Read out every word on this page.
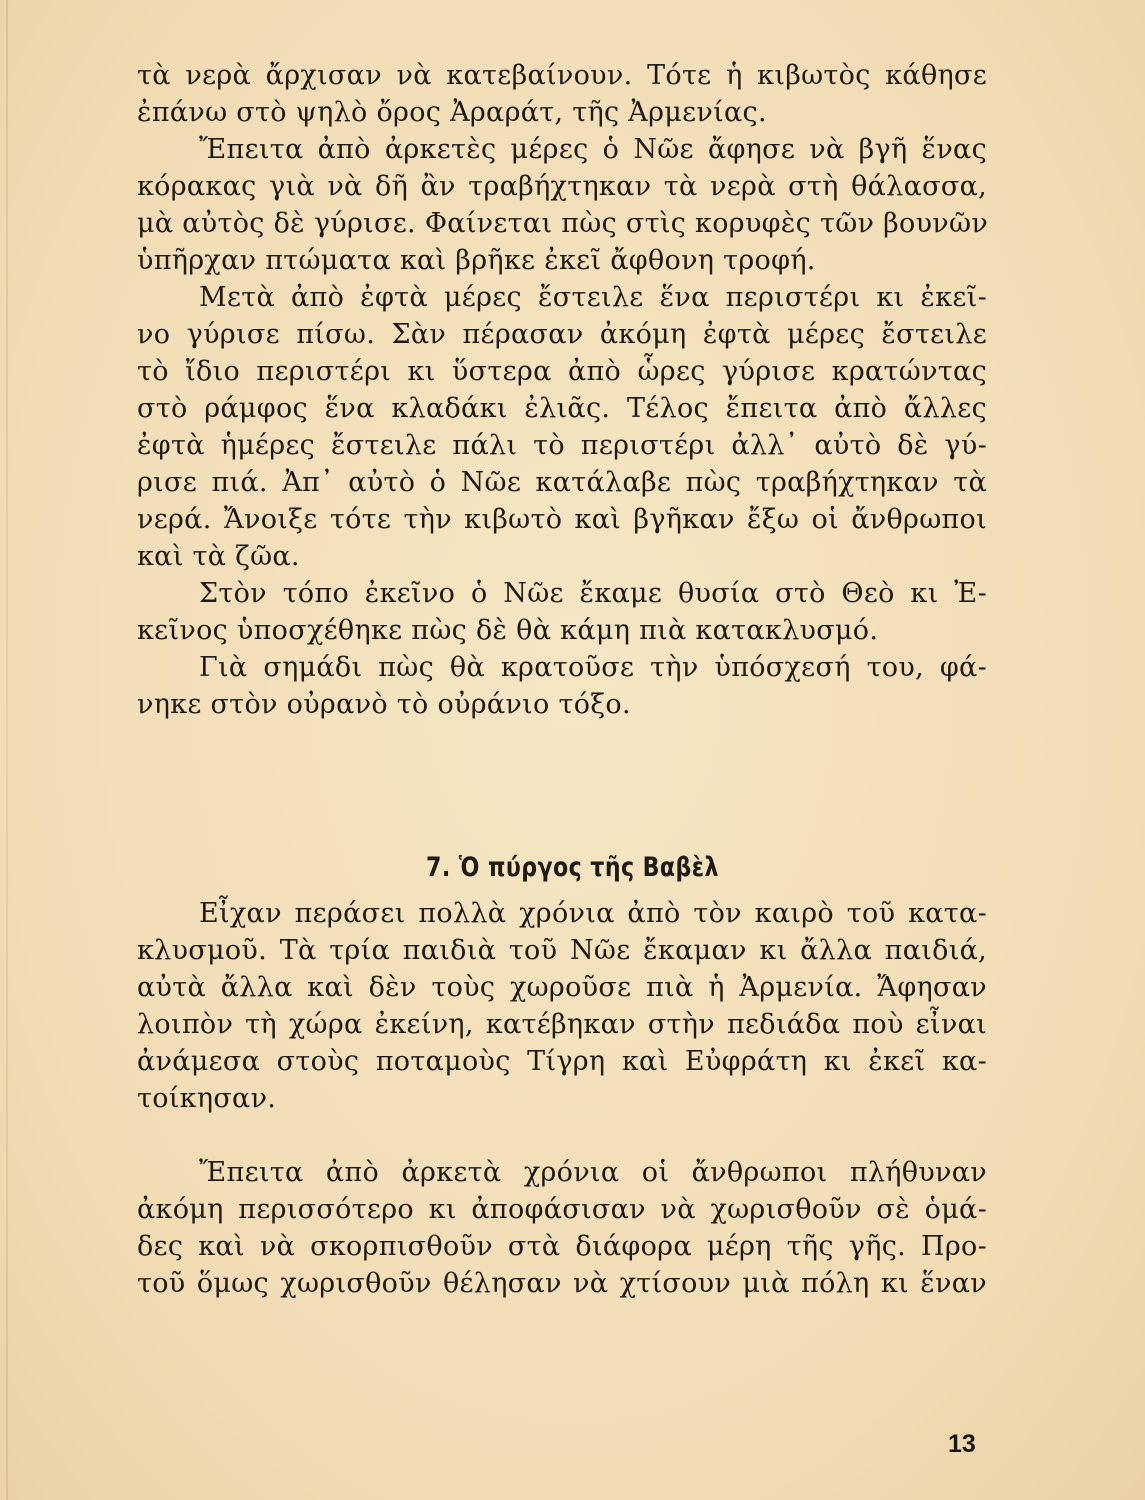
τὰ νερὰ ἄρχισαν νὰ κατεβαίνουν. Τότε ἡ κιβωτὸς κάθησε
ἐπάνω στὸ ψηλὸ ὄρος Ἀραράτ, τῆς Ἀρμενίας.
Ἔπειτα ἀπὸ ἀρκετὲς μέρες ὁ Νῶε ἄφησε νὰ βγῆ ἕνας
κόρακας γιὰ νὰ δῆ ἂν τραβήχτηκαν τὰ νερὰ στὴ θάλασσα,
μὰ αὐτὸς δὲ γύρισε. Φαίνεται πὼς στὶς κορυφὲς τῶν βουνῶν
ὑπῆρχαν πτώματα καὶ βρῆκε ἐκεῖ ἄφθονη τροφή.
Μετὰ ἀπὸ ἐφτὰ μέρες ἔστειλε ἕνα περιστέρι κι ἐκεῖ-
νο γύρισε πίσω. Σὰν πέρασαν ἀκόμη ἐφτὰ μέρες ἔστειλε
τὸ ἴδιο περιστέρι κι ὕστερα ἀπὸ ὧρες γύρισε κρατώντας
στὸ ράμφος ἕνα κλαδάκι ἐλιᾶς. Τέλος ἔπειτα ἀπὸ ἄλλες
ἐφτὰ ἡμέρες ἔστειλε πάλι τὸ περιστέρι ἀλλ᾽ αὐτὸ δὲ γύ-
ρισε πιά. Ἀπ᾽ αὐτὸ ὁ Νῶε κατάλαβε πὼς τραβήχτηκαν τὰ
νερά. Ἄνοιξε τότε τὴν κιβωτὸ καὶ βγῆκαν ἔξω οἱ ἄνθρωποι
καὶ τὰ ζῶα.
Στὸν τόπο ἐκεῖνο ὁ Νῶε ἔκαμε θυσία στὸ Θεὸ κι Ἐ-
κεῖνος ὑποσχέθηκε πὼς δὲ θὰ κάμη πιὰ κατακλυσμό.
Γιὰ σημάδι πὼς θὰ κρατοῦσε τὴν ὑπόσχεσή του, φά-
νηκε στὸν οὐρανὸ τὸ οὐράνιο τόξο.
7. Ὁ πύργος τῆς Βαβὲλ
Εἶχαν περάσει πολλὰ χρόνια ἀπὸ τὸν καιρὸ τοῦ κατα-
κλυσμοῦ. Τὰ τρία παιδιὰ τοῦ Νῶε ἔκαμαν κι ἄλλα παιδιά,
αὐτὰ ἄλλα καὶ δὲν τοὺς χωροῦσε πιὰ ἡ Ἀρμενία. Ἄφησαν
λοιπὸν τὴ χώρα ἐκείνη, κατέβηκαν στὴν πεδιάδα ποὺ εἶναι
ἀνάμεσα στοὺς ποταμοὺς Τίγρη καὶ Εὐφράτη κι ἐκεῖ κα-
τοίκησαν.
Ἔπειτα ἀπὸ ἀρκετὰ χρόνια οἱ ἄνθρωποι πλήθυναν
ἀκόμη περισσότερο κι ἀποφάσισαν νὰ χωρισθοῦν σὲ ὁμά-
δες καὶ νὰ σκορπισθοῦν στὰ διάφορα μέρη τῆς γῆς. Προ-
τοῦ ὅμως χωρισθοῦν θέλησαν νὰ χτίσουν μιὰ πόλη κι ἕναν
13
